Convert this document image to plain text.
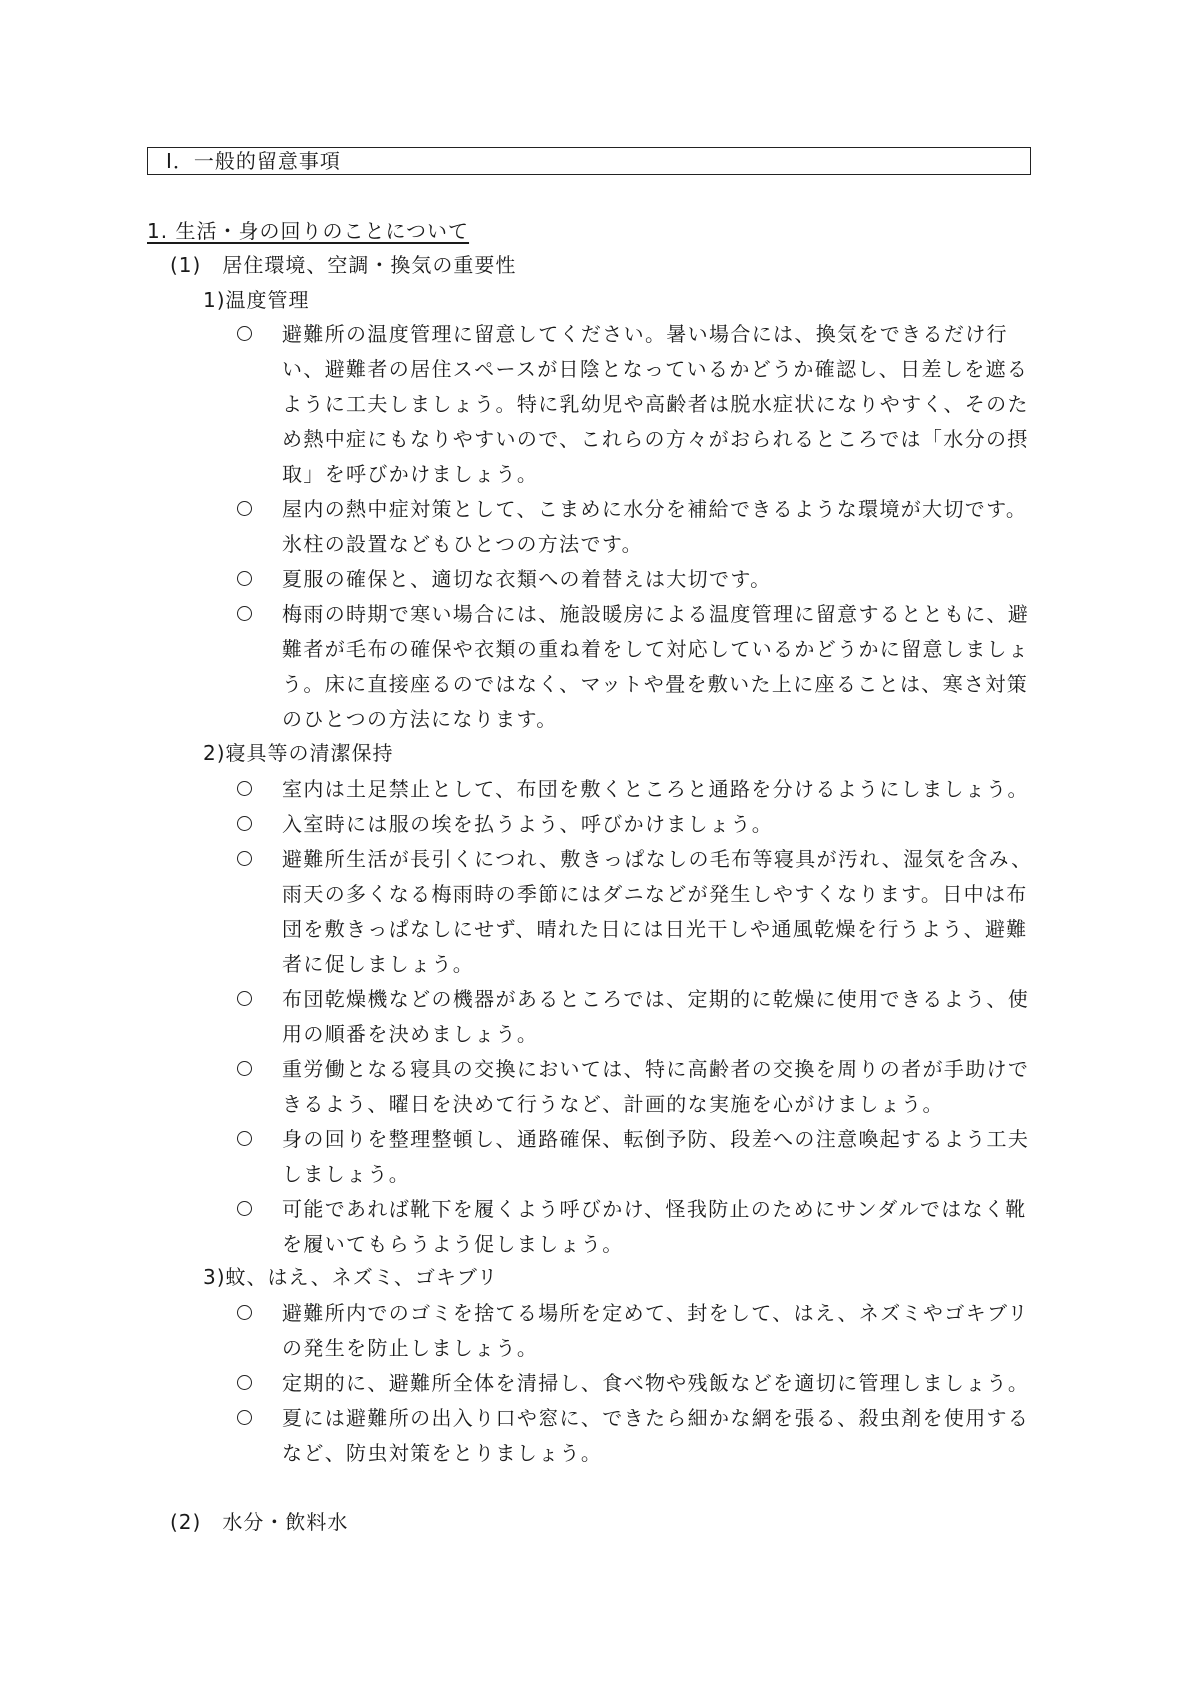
Ⅰ．一般的留意事項
1. 生活・身の回りのことについて
(1)　居住環境、空調・換気の重要性
1)温度管理
避難所の温度管理に留意してください。暑い場合には、換気をできるだけ行い、避難者の居住スペースが日陰となっているかどうか確認し、日差しを遮るように工夫しましょう。特に乳幼児や高齢者は脱水症状になりやすく、そのため熱中症にもなりやすいので、これらの方々がおられるところでは「水分の摂取」を呼びかけましょう。
屋内の熱中症対策として、こまめに水分を補給できるような環境が大切です。氷柱の設置などもひとつの方法です。
夏服の確保と、適切な衣類への着替えは大切です。
梅雨の時期で寒い場合には、施設暖房による温度管理に留意するとともに、避難者が毛布の確保や衣類の重ね着をして対応しているかどうかに留意しましょう。床に直接座るのではなく、マットや畳を敷いた上に座ることは、寒さ対策のひとつの方法になります。
2)寝具等の清潔保持
室内は土足禁止として、布団を敷くところと通路を分けるようにしましょう。
入室時には服の埃を払うよう、呼びかけましょう。
避難所生活が長引くにつれ、敷きっぱなしの毛布等寝具が汚れ、湿気を含み、雨天の多くなる梅雨時の季節にはダニなどが発生しやすくなります。日中は布団を敷きっぱなしにせず、晴れた日には日光干しや通風乾燥を行うよう、避難者に促しましょう。
布団乾燥機などの機器があるところでは、定期的に乾燥に使用できるよう、使用の順番を決めましょう。
重労働となる寝具の交換においては、特に高齢者の交換を周りの者が手助けできるよう、曜日を決めて行うなど、計画的な実施を心がけましょう。
身の回りを整理整頓し、通路確保、転倒予防、段差への注意喚起するよう工夫しましょう。
可能であれば靴下を履くよう呼びかけ、怪我防止のためにサンダルではなく靴を履いてもらうよう促しましょう。
3)蚊、はえ、ネズミ、ゴキブリ
避難所内でのゴミを捨てる場所を定めて、封をして、はえ、ネズミやゴキブリの発生を防止しましょう。
定期的に、避難所全体を清掃し、食べ物や残飯などを適切に管理しましょう。
夏には避難所の出入り口や窓に、できたら細かな網を張る、殺虫剤を使用するなど、防虫対策をとりましょう。
(2)　水分・飲料水
